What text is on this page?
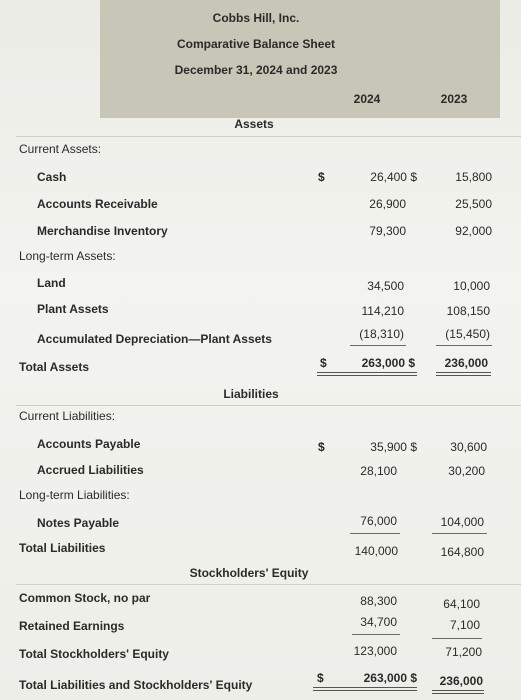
Cobbs Hill, Inc.
Comparative Balance Sheet
December 31, 2024 and 2023
2024	2023
Assets
Current Assets:
Cash	$	26,400 $	15,800
Accounts Receivable	26,900	25,500
Merchandise Inventory	79,300	92,000
Long-term Assets:
Land	34,500	10,000
Plant Assets	114,210	108,150
Accumulated Depreciation—Plant Assets	(18,310)	(15,450)
Total Assets	$	263,000 $ 236,000
Liabilities
Current Liabilities:
Accounts Payable	$	35,900 $	30,600
Accrued Liabilities	28,100	30,200
Long-term Liabilities:
Notes Payable	76,000	104,000
Total Liabilities	140,000	164,800
Stockholders' Equity
Common Stock, no par	88,300	64,100
Retained Earnings	34,700	7,100
Total Stockholders' Equity	123,000	71,200
Total Liabilities and Stockholders' Equity	$	263,000 $ 236,000
